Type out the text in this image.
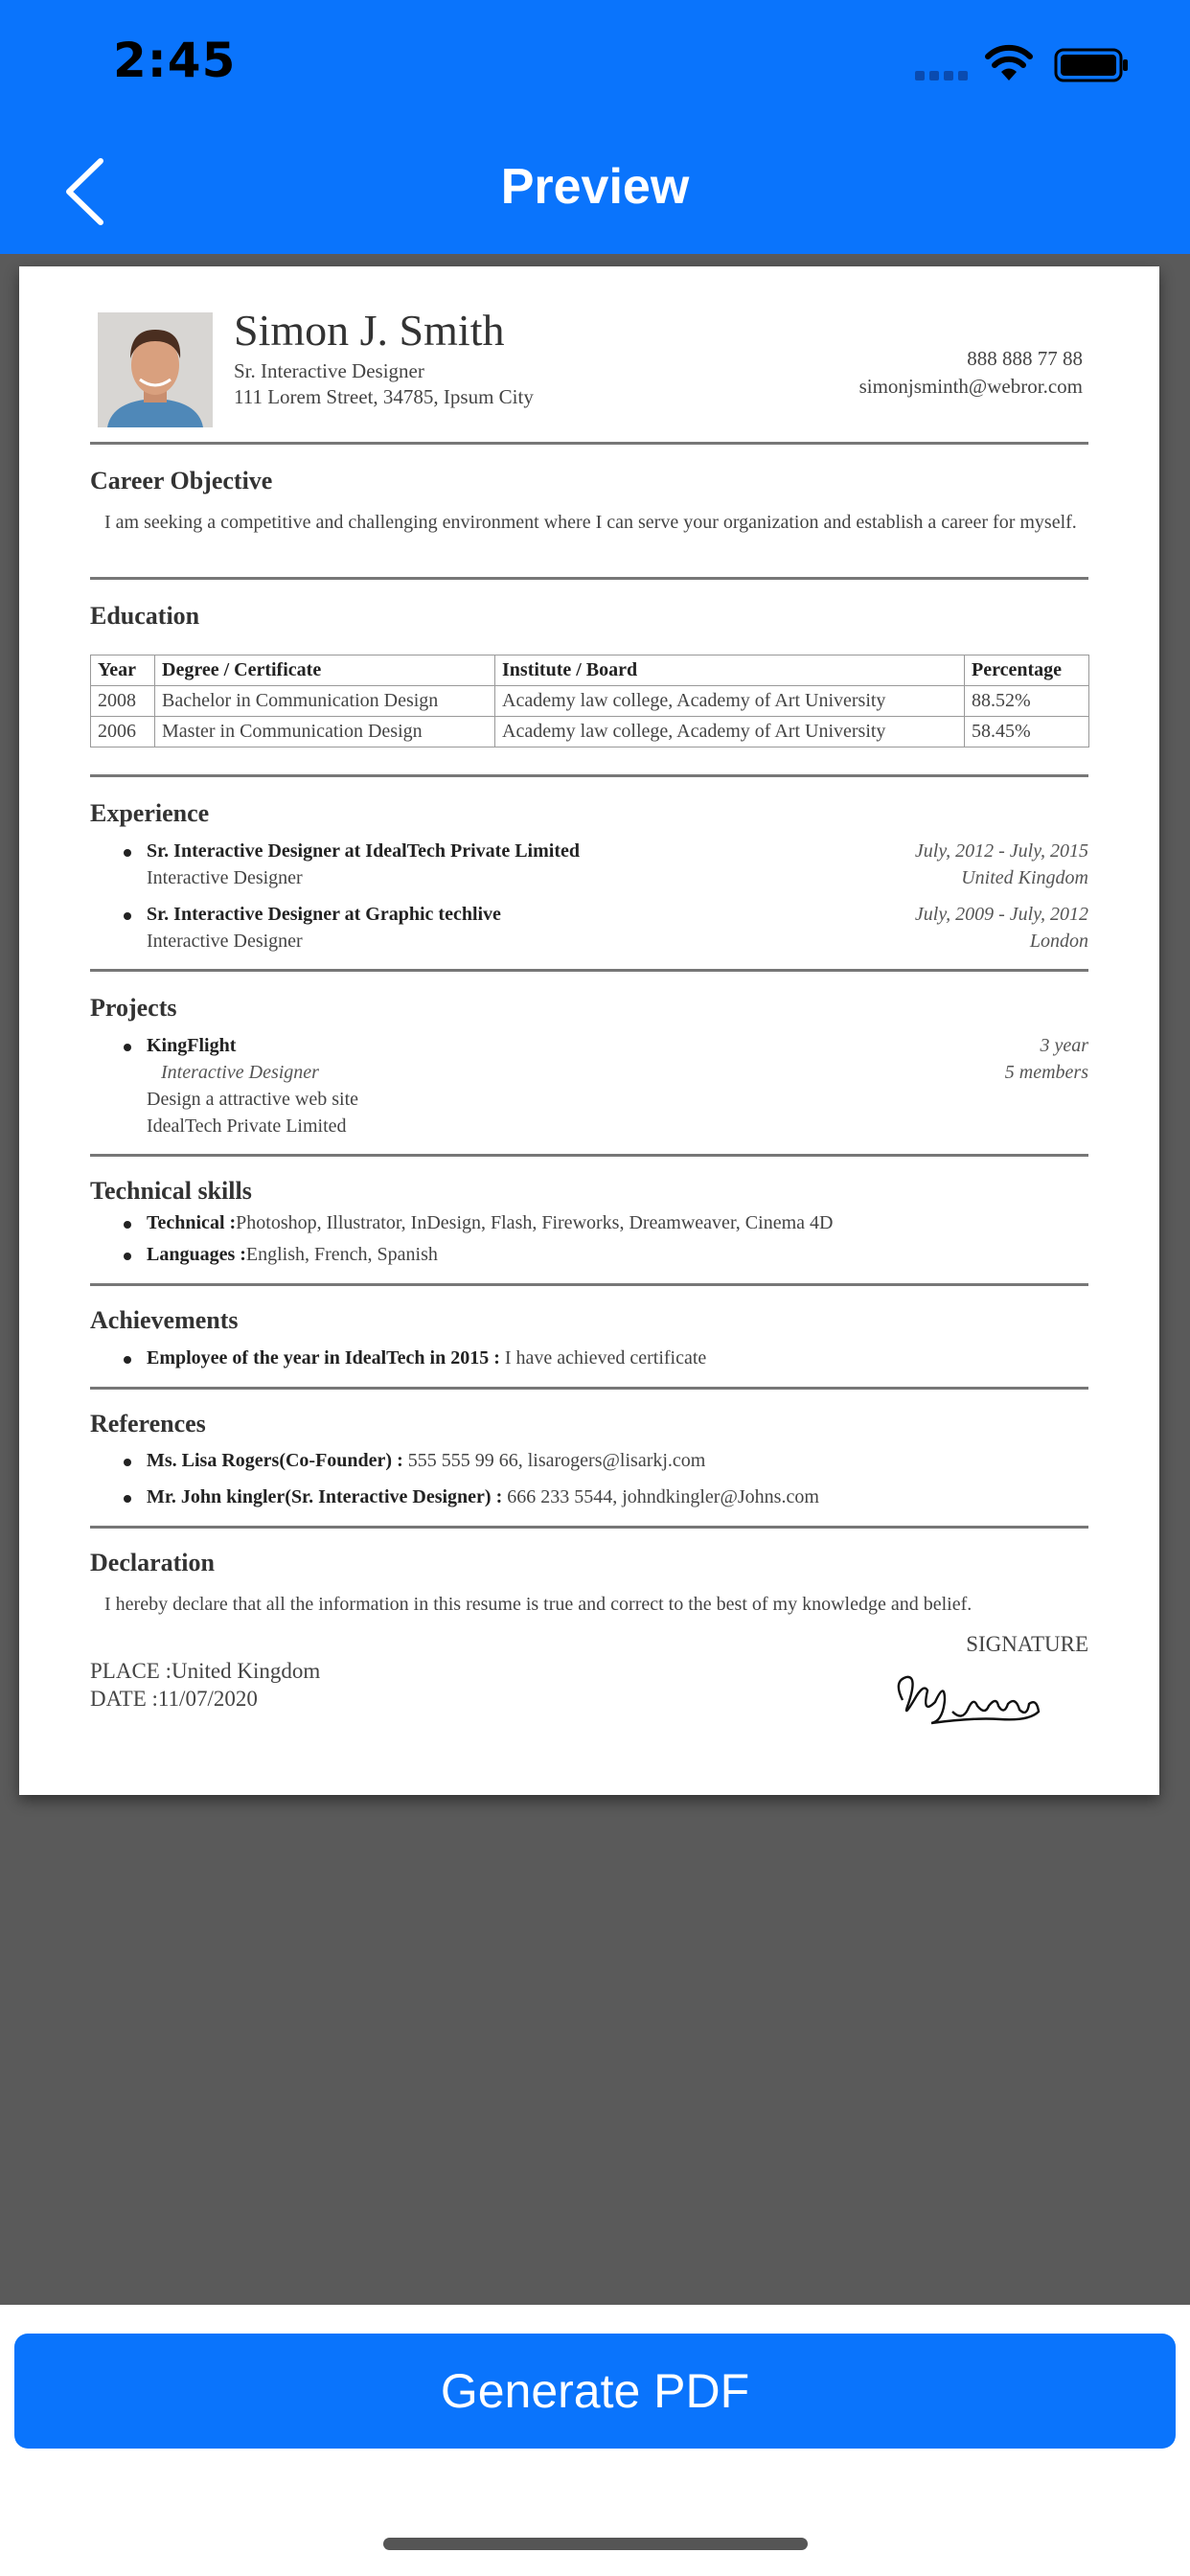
2:45
Preview
Simon J. Smith
Sr. Interactive Designer
111 Lorem Street, 34785, Ipsum City
888 888 77 88
simonjsminth@webror.com
Career Objective
I am seeking a competitive and challenging environment where I can serve your organization and establish a career for myself.
Education
Year	Degree / Certificate	Institute / Board	Percentage
2008	Bachelor in Communication Design	Academy law college, Academy of Art University	88.52%
2006	Master in Communication Design	Academy law college, Academy of Art University	58.45%
Experience
Sr. Interactive Designer at IdealTech Private Limited	July, 2012 - July, 2015
Interactive Designer	United Kingdom
Sr. Interactive Designer at Graphic techlive	July, 2009 - July, 2012
Interactive Designer	London
Projects
KingFlight	3 year
Interactive Designer	5 members
Design a attractive web site
IdealTech Private Limited
Technical skills
Technical :Photoshop, Illustrator, InDesign, Flash, Fireworks, Dreamweaver, Cinema 4D
Languages :English, French, Spanish
Achievements
Employee of the year in IdealTech in 2015 : I have achieved certificate
References
Ms. Lisa Rogers(Co-Founder) : 555 555 99 66, lisarogers@lisarkj.com
Mr. John kingler(Sr. Interactive Designer) : 666 233 5544, johndkingler@Johns.com
Declaration
I hereby declare that all the information in this resume is true and correct to the best of my knowledge and belief.
SIGNATURE
PLACE :United Kingdom
DATE :11/07/2020
Generate PDF
